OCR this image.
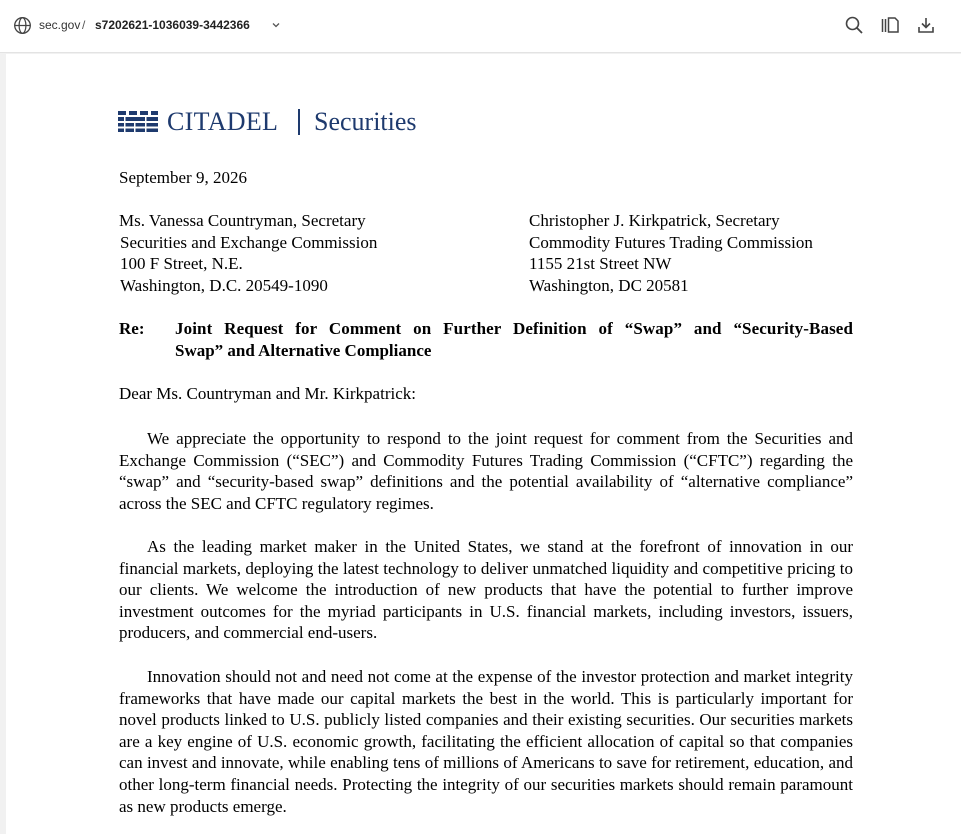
sec.gov / s7202621-1036039-3442366
CITADEL Securities
September 9, 2026
Ms. Vanessa Countryman, Secretary
Securities and Exchange Commission
100 F Street, N.E.
Washington, D.C. 20549-1090
Christopher J. Kirkpatrick, Secretary
Commodity Futures Trading Commission
1155 21st Street NW
Washington, DC 20581
Re: Joint Request for Comment on Further Definition of “Swap” and “Security-Based
Swap” and Alternative Compliance
Dear Ms. Countryman and Mr. Kirkpatrick:

We appreciate the opportunity to respond to the joint request for comment from the Securities and Exchange Commission (“SEC”) and Commodity Futures Trading Commission (“CFTC”) regarding the “swap” and “security-based swap” definitions and the potential availability of “alternative compliance” across the SEC and CFTC regulatory regimes.

As the leading market maker in the United States, we stand at the forefront of innovation in our financial markets, deploying the latest technology to deliver unmatched liquidity and competitive pricing to our clients. We welcome the introduction of new products that have the potential to further improve investment outcomes for the myriad participants in U.S. financial markets, including investors, issuers, producers, and commercial end-users.

Innovation should not and need not come at the expense of the investor protection and market integrity frameworks that have made our capital markets the best in the world. This is particularly important for novel products linked to U.S. publicly listed companies and their existing securities. Our securities markets are a key engine of U.S. economic growth, facilitating the efficient allocation of capital so that companies can invest and innovate, while enabling tens of millions of Americans to save for retirement, education, and other long-term financial needs. Protecting the integrity of our securities markets should remain paramount as new products emerge.
